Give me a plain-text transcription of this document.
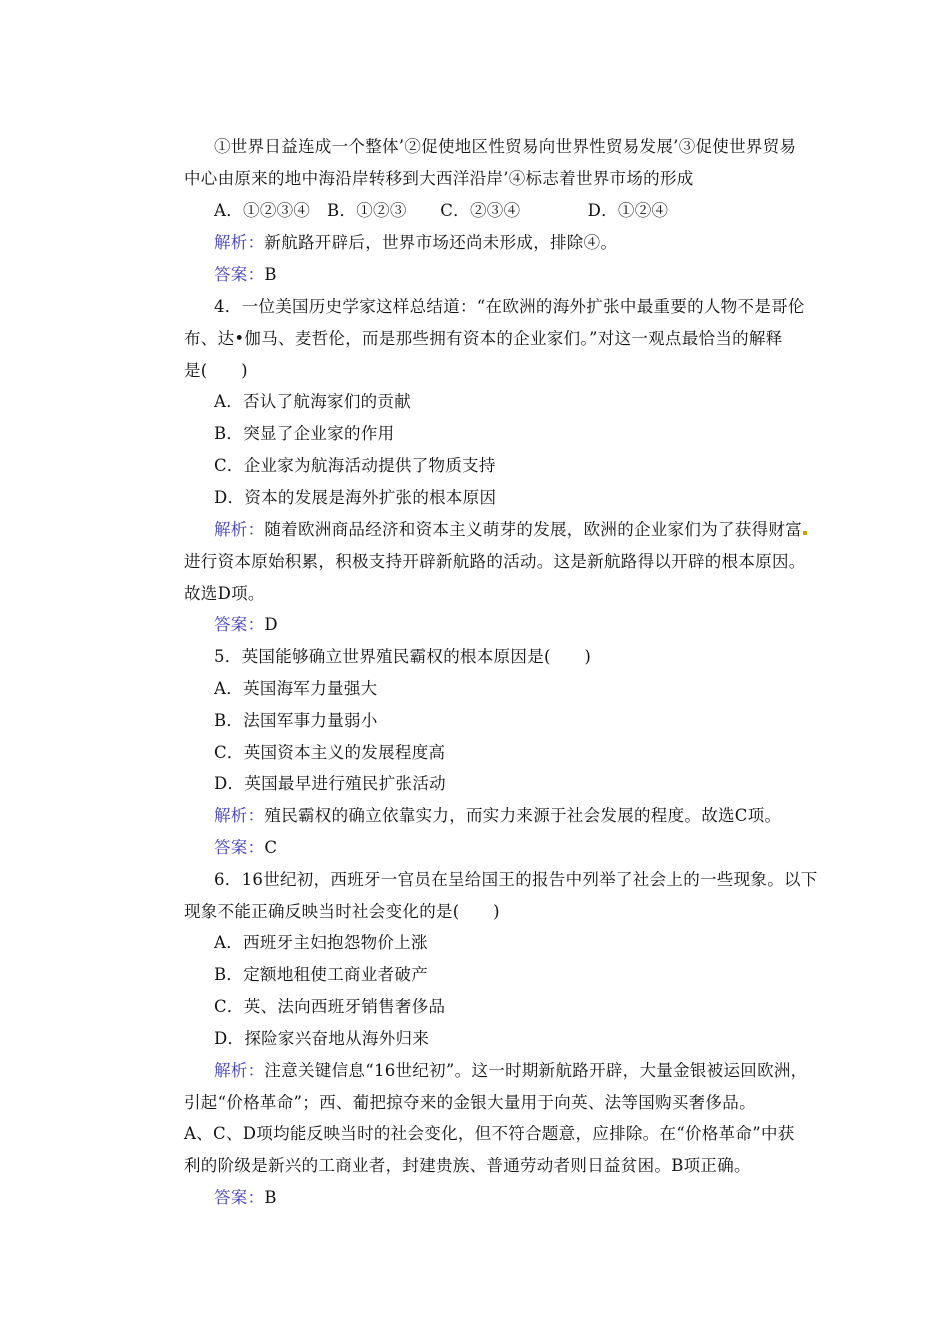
①世界日益连成一个整体’②促使地区性贸易向世界性贸易发展’③促使世界贸易
中心由原来的地中海沿岸转移到大西洋沿岸’④标志着世界市场的形成
A．①②③④　B．①②③　　C．②③④　　　　D．①②④
解析：新航路开辟后，世界市场还尚未形成，排除④。
答案：B
4．一位美国历史学家这样总结道：“在欧洲的海外扩张中最重要的人物不是哥伦
布、达•伽马、麦哲伦，而是那些拥有资本的企业家们。”对这一观点最恰当的解释
是(　　)
A．否认了航海家们的贡献
B．突显了企业家的作用
C．企业家为航海活动提供了物质支持
D．资本的发展是海外扩张的根本原因
解析：随着欧洲商品经济和资本主义萌芽的发展，欧洲的企业家们为了获得财富
进行资本原始积累，积极支持开辟新航路的活动。这是新航路得以开辟的根本原因。
故选D项。
答案：D
5．英国能够确立世界殖民霸权的根本原因是(　　)
A．英国海军力量强大
B．法国军事力量弱小
C．英国资本主义的发展程度高
D．英国最早进行殖民扩张活动
解析：殖民霸权的确立依靠实力，而实力来源于社会发展的程度。故选C项。
答案：C
6．16世纪初，西班牙一官员在呈给国王的报告中列举了社会上的一些现象。以下
现象不能正确反映当时社会变化的是(　　)
A．西班牙主妇抱怨物价上涨
B．定额地租使工商业者破产
C．英、法向西班牙销售奢侈品
D．探险家兴奋地从海外归来
解析：注意关键信息“16世纪初”。这一时期新航路开辟，大量金银被运回欧洲，
引起“价格革命”；西、葡把掠夺来的金银大量用于向英、法等国购买奢侈品。
A、C、D项均能反映当时的社会变化，但不符合题意，应排除。在“价格革命”中获
利的阶级是新兴的工商业者，封建贵族、普通劳动者则日益贫困。B项正确。
答案：B
